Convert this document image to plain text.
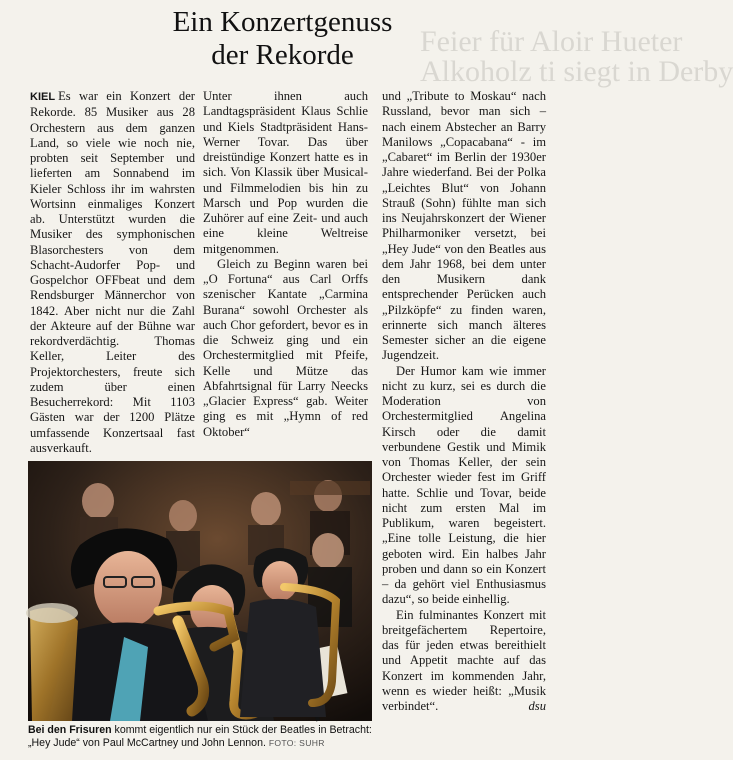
Feier für Aloir Hueter
Alkoholz ti siegt in Derby
Ein Konzertgenuss
der Rekorde

KIEL Es war ein Konzert der Rekorde. 85 Musiker aus 28 Orchestern aus dem ganzen Land, so viele wie noch nie, probten seit September und lieferten am Sonnabend im Kieler Schloss ihr im wahrsten Wortsinn einmaliges Konzert ab. Unterstützt wurden die Musiker des symphonischen Blasorchesters von dem Schacht-Audorfer Pop- und Gospelchor OFFbeat und dem Rendsburger Männerchor von 1842. Aber nicht nur die Zahl der Akteure auf der Bühne war rekordverdächtig. Thomas Keller, Leiter des Projektorchesters, freute sich zudem über einen Besucherrekord: Mit 1103 Gästen war der 1200 Plätze umfassende Konzertsaal fast ausverkauft.

Unter ihnen auch Landtagspräsident Klaus Schlie und Kiels Stadtpräsident Hans-Werner Tovar. Das über dreistündige Konzert hatte es in sich. Von Klassik über Musical- und Filmmelodien bis hin zu Marsch und Pop wurden die Zuhörer auf eine Zeit- und auch eine kleine Weltreise mitgenommen.

Gleich zu Beginn waren bei „O Fortuna“ aus Carl Orffs szenischer Kantate „Carmina Burana“ sowohl Orchester als auch Chor gefordert, bevor es in die Schweiz ging und ein Orchestermitglied mit Pfeife, Kelle und Mütze das Abfahrtsignal für Larry Neecks „Glacier Express“ gab. Weiter ging es mit „Hymn of red Oktober“

und „Tribute to Moskau“ nach Russland, bevor man sich – nach einem Abstecher an Barry Manilows „Copacabana“ - im „Cabaret“ im Berlin der 1930er Jahre wiederfand. Bei der Polka „Leichtes Blut“ von Johann Strauß (Sohn) fühlte man sich ins Neujahrskonzert der Wiener Philharmoniker versetzt, bei „Hey Jude“ von den Beatles aus dem Jahr 1968, bei dem unter den Musikern dank entsprechender Perücken auch „Pilzköpfe“ zu finden waren, erinnerte sich manch älteres Semester sicher an die eigene Jugendzeit.

Der Humor kam wie immer nicht zu kurz, sei es durch die Moderation von Orchestermitglied Angelina Kirsch oder die damit verbundene Gestik und Mimik von Thomas Keller, der sein Orchester wieder fest im Griff hatte. Schlie und Tovar, beide nicht zum ersten Mal im Publikum, waren begeistert. „Eine tolle Leistung, die hier geboten wird. Ein halbes Jahr proben und dann so ein Konzert – da gehört viel Enthusiasmus dazu“, so beide einhellig.

Ein fulminantes Konzert mit breitgefächertem Repertoire, das für jeden etwas bereithielt und Appetit machte auf das Konzert im kommenden Jahr, wenn es wieder heißt: „Musik verbindet“.	dsu

Bei den Frisuren kommt eigentlich nur ein Stück der Beatles in Betracht: „Hey Jude“ von Paul McCartney und John Lennon. FOTO: SUHR
